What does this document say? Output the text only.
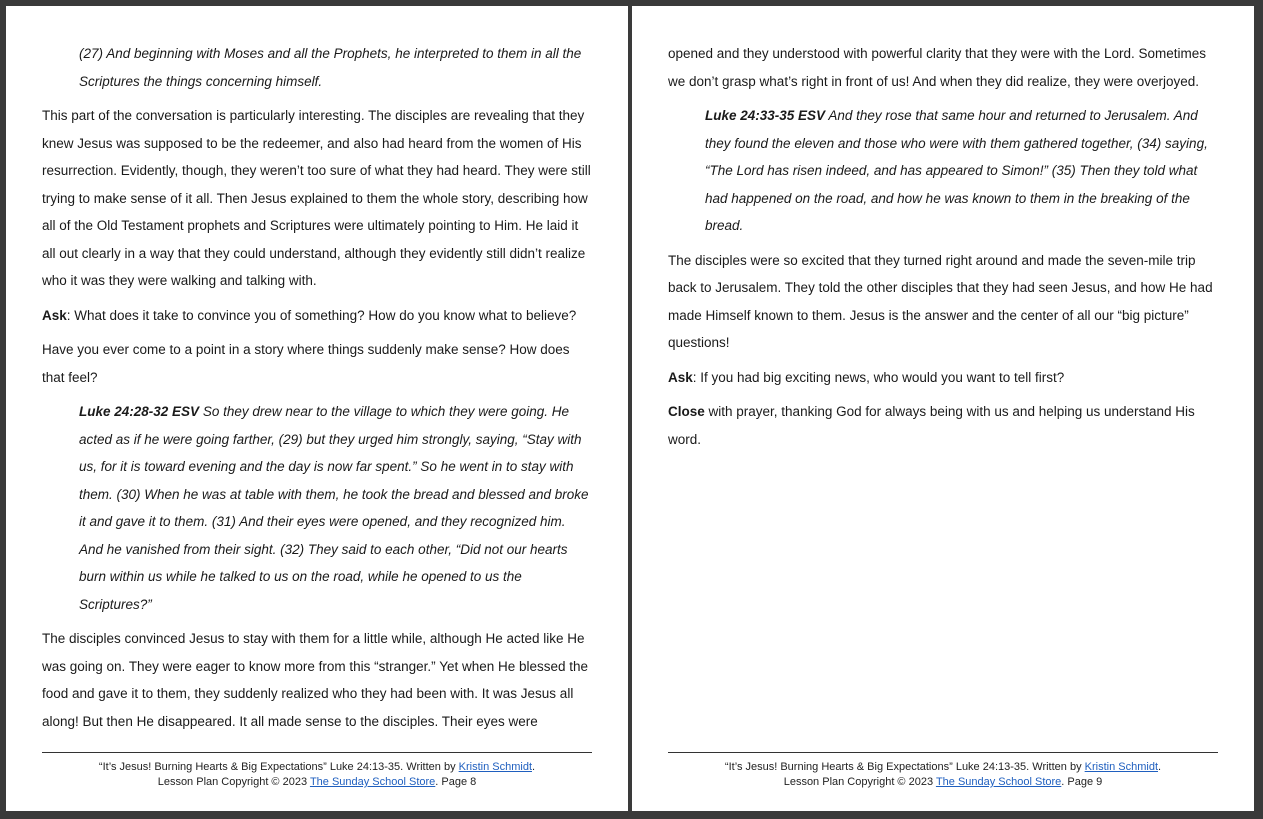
(27) And beginning with Moses and all the Prophets, he interpreted to them in all the Scriptures the things concerning himself.

This part of the conversation is particularly interesting. The disciples are revealing that they knew Jesus was supposed to be the redeemer, and also had heard from the women of His resurrection. Evidently, though, they weren’t too sure of what they had heard. They were still trying to make sense of it all. Then Jesus explained to them the whole story, describing how all of the Old Testament prophets and Scriptures were ultimately pointing to Him. He laid it all out clearly in a way that they could understand, although they evidently still didn’t realize who it was they were walking and talking with.

Ask: What does it take to convince you of something? How do you know what to believe?

Have you ever come to a point in a story where things suddenly make sense? How does that feel?

Luke 24:28-32 ESV So they drew near to the village to which they were going. He acted as if he were going farther, (29) but they urged him strongly, saying, “Stay with us, for it is toward evening and the day is now far spent.” So he went in to stay with them. (30) When he was at table with them, he took the bread and blessed and broke it and gave it to them. (31) And their eyes were opened, and they recognized him. And he vanished from their sight. (32) They said to each other, “Did not our hearts burn within us while he talked to us on the road, while he opened to us the Scriptures?”

The disciples convinced Jesus to stay with them for a little while, although He acted like He was going on. They were eager to know more from this “stranger.” Yet when He blessed the food and gave it to them, they suddenly realized who they had been with. It was Jesus all along! But then He disappeared. It all made sense to the disciples. Their eyes were

“It’s Jesus! Burning Hearts & Big Expectations” Luke 24:13-35. Written by Kristin Schmidt.
Lesson Plan Copyright © 2023 The Sunday School Store. Page 8

opened and they understood with powerful clarity that they were with the Lord. Sometimes we don’t grasp what’s right in front of us! And when they did realize, they were overjoyed.

Luke 24:33-35 ESV And they rose that same hour and returned to Jerusalem. And they found the eleven and those who were with them gathered together, (34) saying, “The Lord has risen indeed, and has appeared to Simon!” (35) Then they told what had happened on the road, and how he was known to them in the breaking of the bread.

The disciples were so excited that they turned right around and made the seven-mile trip back to Jerusalem. They told the other disciples that they had seen Jesus, and how He had made Himself known to them. Jesus is the answer and the center of all our “big picture” questions!

Ask: If you had big exciting news, who would you want to tell first?

Close with prayer, thanking God for always being with us and helping us understand His word.

“It’s Jesus! Burning Hearts & Big Expectations” Luke 24:13-35. Written by Kristin Schmidt.
Lesson Plan Copyright © 2023 The Sunday School Store. Page 9
